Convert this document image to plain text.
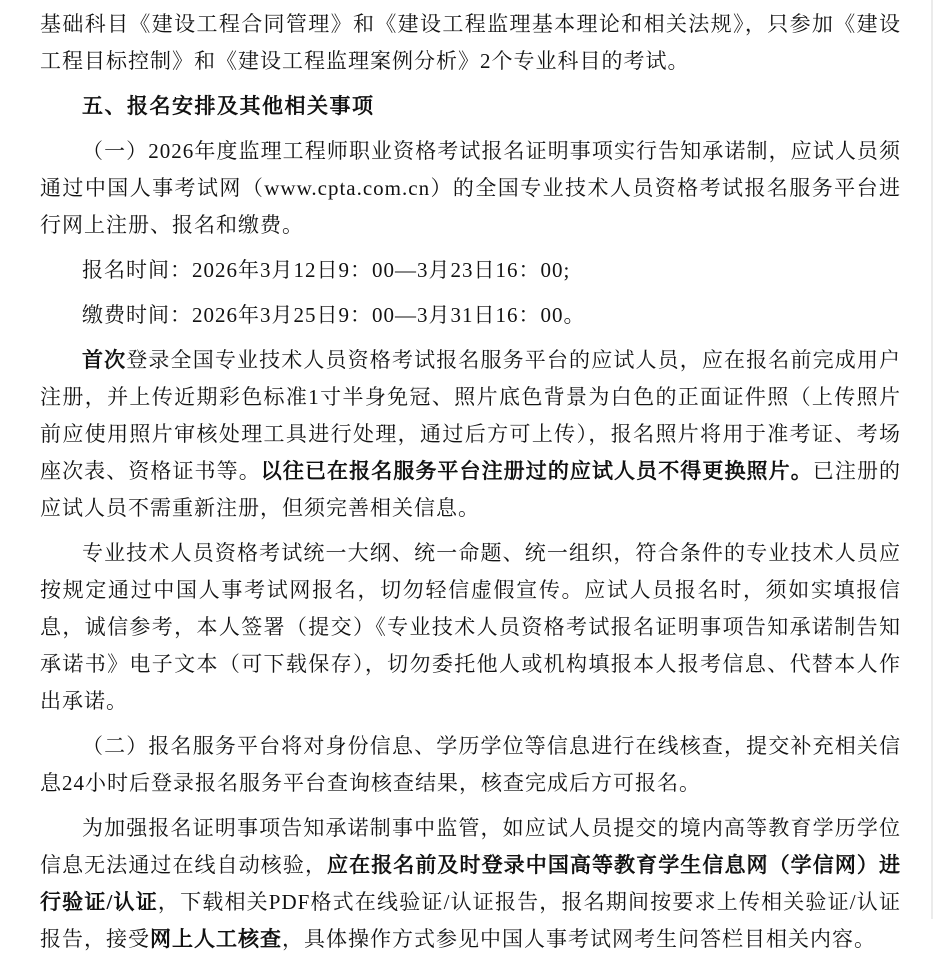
基础科目《建设工程合同管理》和《建设工程监理基本理论和相关法规》，只参加《建设工程目标控制》和《建设工程监理案例分析》2个专业科目的考试。

五、报名安排及其他相关事项

（一）2026年度监理工程师职业资格考试报名证明事项实行告知承诺制，应试人员须通过中国人事考试网（www.cpta.com.cn）的全国专业技术人员资格考试报名服务平台进行网上注册、报名和缴费。

报名时间：2026年3月12日9：00—3月23日16：00;

缴费时间：2026年3月25日9：00—3月31日16：00。

首次登录全国专业技术人员资格考试报名服务平台的应试人员，应在报名前完成用户注册，并上传近期彩色标准1寸半身免冠、照片底色背景为白色的正面证件照（上传照片前应使用照片审核处理工具进行处理，通过后方可上传），报名照片将用于准考证、考场座次表、资格证书等。以往已在报名服务平台注册过的应试人员不得更换照片。已注册的应试人员不需重新注册，但须完善相关信息。

专业技术人员资格考试统一大纲、统一命题、统一组织，符合条件的专业技术人员应按规定通过中国人事考试网报名，切勿轻信虚假宣传。应试人员报名时，须如实填报信息，诚信参考，本人签署（提交）《专业技术人员资格考试报名证明事项告知承诺制告知承诺书》电子文本（可下载保存），切勿委托他人或机构填报本人报考信息、代替本人作出承诺。

（二）报名服务平台将对身份信息、学历学位等信息进行在线核查，提交补充相关信息24小时后登录报名服务平台查询核查结果，核查完成后方可报名。

为加强报名证明事项告知承诺制事中监管，如应试人员提交的境内高等教育学历学位信息无法通过在线自动核验，应在报名前及时登录中国高等教育学生信息网（学信网）进行验证/认证，下载相关PDF格式在线验证/认证报告，报名期间按要求上传相关验证/认证报告，接受网上人工核查，具体操作方式参见中国人事考试网考生问答栏目相关内容。
